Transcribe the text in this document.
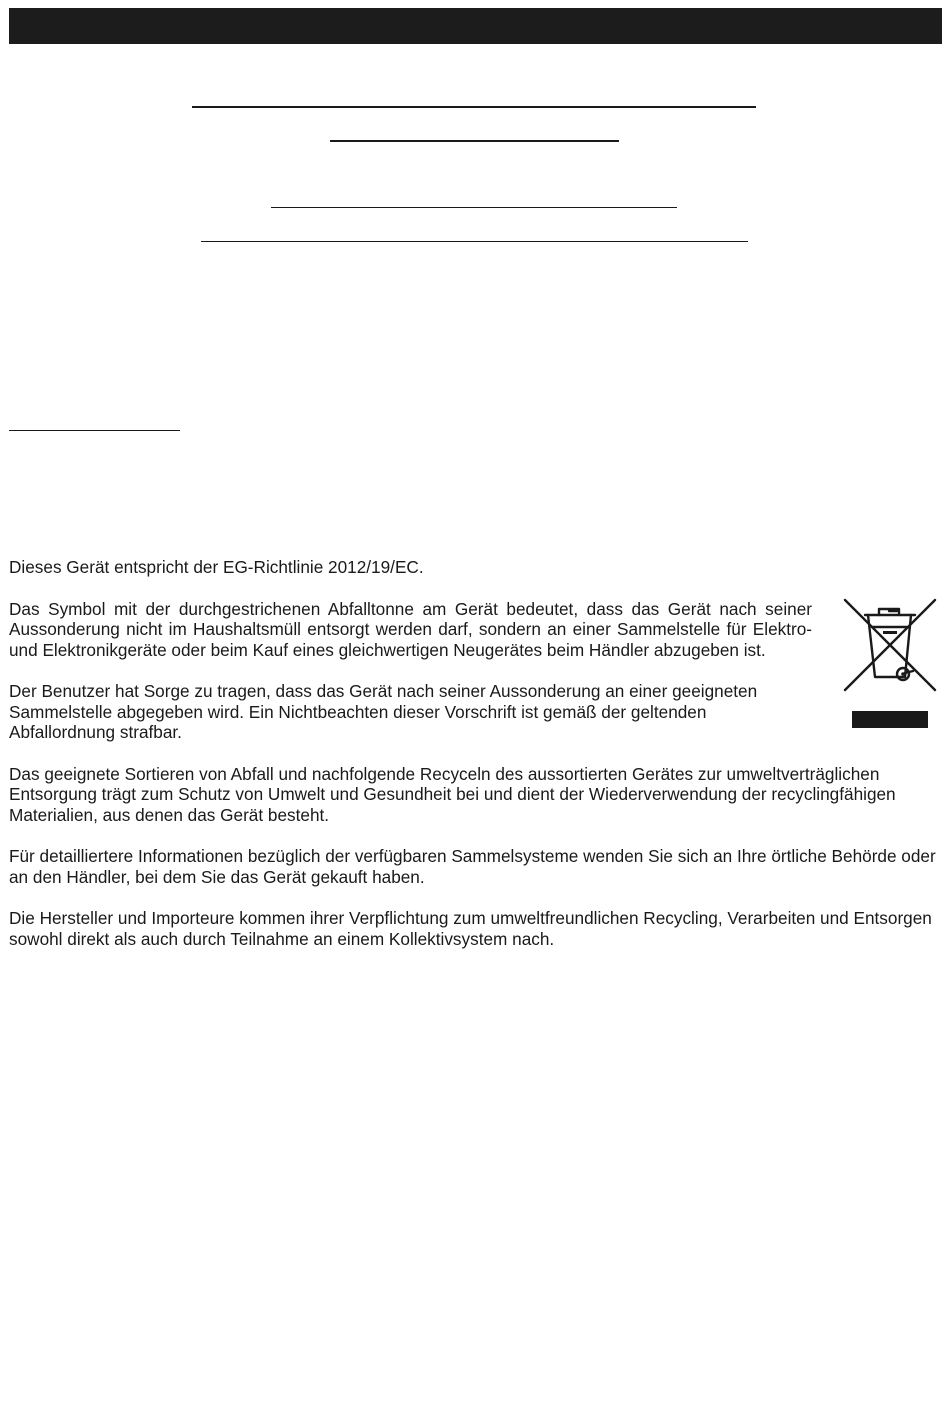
Dieses Gerät entspricht der EG-Richtlinie 2012/19/EC.

Das Symbol mit der durchgestrichenen Abfalltonne am Gerät bedeutet, dass das Gerät nach seiner Aussonderung nicht im Haushaltsmüll entsorgt werden darf, sondern an einer Sammelstelle für Elektro- und Elektronikgeräte oder beim Kauf eines gleichwertigen Neugerätes beim Händler abzugeben ist.

Der Benutzer hat Sorge zu tragen, dass das Gerät nach seiner Aussonderung an einer geeigneten Sammelstelle abgegeben wird. Ein Nichtbeachten dieser Vorschrift ist gemäß der geltenden Abfallordnung strafbar.

Das geeignete Sortieren von Abfall und nachfolgende Recyceln des aussortierten Gerätes zur umweltverträglichen Entsorgung trägt zum Schutz von Umwelt und Gesundheit bei und dient der Wiederverwendung der recyclingfähigen Materialien, aus denen das Gerät besteht.

Für detailliertere Informationen bezüglich der verfügbaren Sammelsysteme wenden Sie sich an Ihre örtliche Behörde oder an den Händler, bei dem Sie das Gerät gekauft haben.

Die Hersteller und Importeure kommen ihrer Verpflichtung zum umweltfreundlichen Recycling, Verarbeiten und Entsorgen sowohl direkt als auch durch Teilnahme an einem Kollektivsystem nach.
